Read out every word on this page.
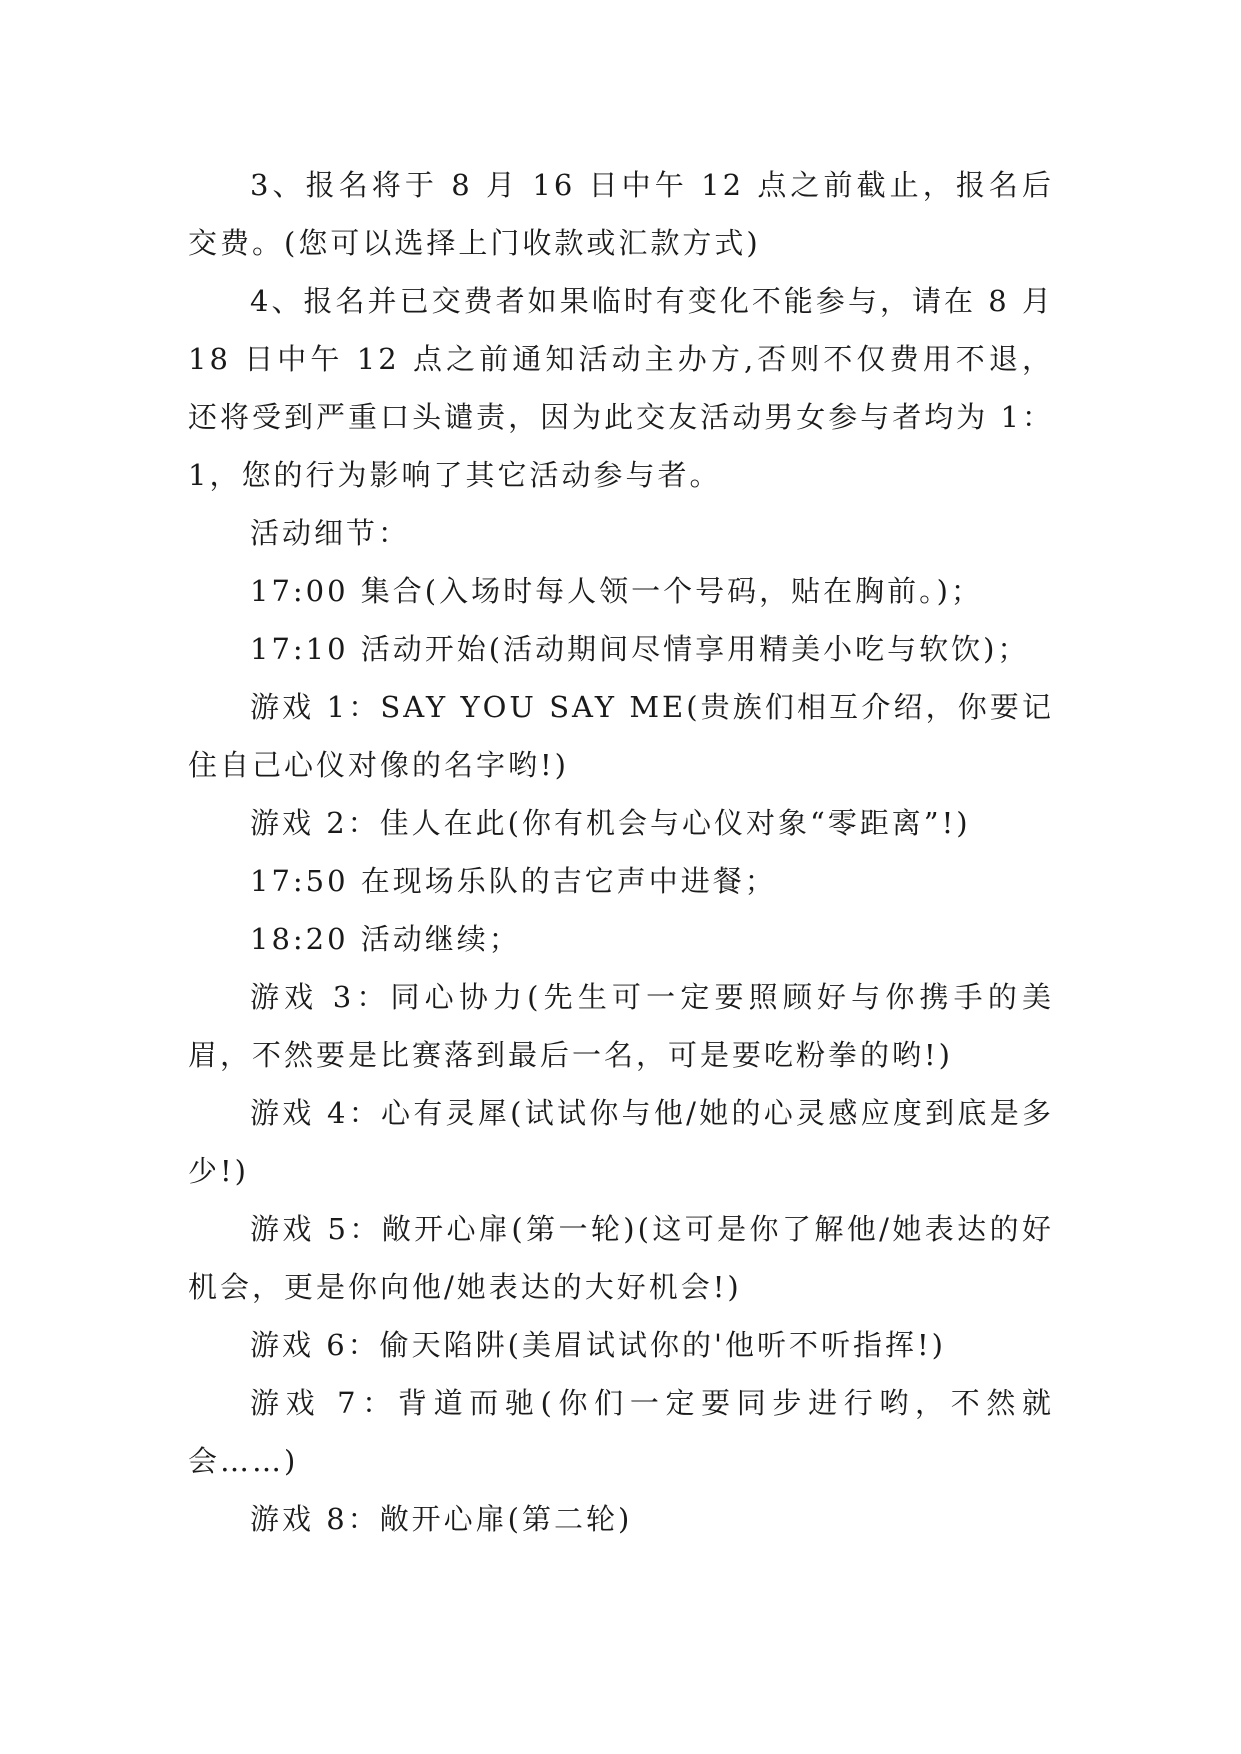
3、报名将于 8 月 16 日中午 12 点之前截止，报名后交费。(您可以选择上门收款或汇款方式)

4、报名并已交费者如果临时有变化不能参与，请在 8 月 18 日中午 12 点之前通知活动主办方,否则不仅费用不退，还将受到严重口头谴责，因为此交友活动男女参与者均为 1：1，您的行为影响了其它活动参与者。

活动细节：

17:00 集合(入场时每人领一个号码，贴在胸前。)；

17:10 活动开始(活动期间尽情享用精美小吃与软饮)；

游戏 1：SAY YOU SAY ME(贵族们相互介绍，你要记住自己心仪对像的名字哟!)

游戏 2：佳人在此(你有机会与心仪对象“零距离”!)

17:50 在现场乐队的吉它声中进餐；

18:20 活动继续；

游戏 3：同心协力(先生可一定要照顾好与你携手的美眉，不然要是比赛落到最后一名，可是要吃粉拳的哟!)

游戏 4：心有灵犀(试试你与他/她的心灵感应度到底是多少!)

游戏 5：敞开心扉(第一轮)(这可是你了解他/她表达的好机会，更是你向他/她表达的大好机会!)

游戏 6：偷天陷阱(美眉试试你的'他听不听指挥!)

游戏 7：背道而驰(你们一定要同步进行哟，不然就会……)

游戏 8：敞开心扉(第二轮)
